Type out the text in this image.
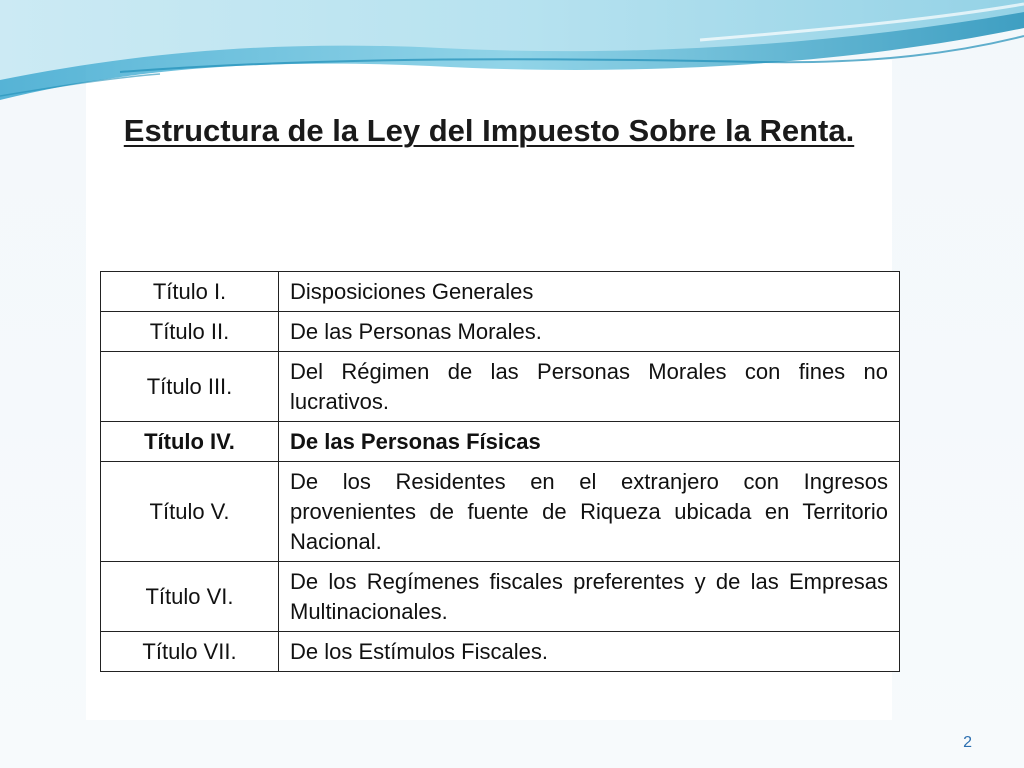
Estructura de la Ley del Impuesto Sobre la Renta.
Título I.	Disposiciones Generales
Título II.	De las Personas Morales.
Título III.	Del Régimen de las Personas Morales con fines no lucrativos.
Título IV.	De las Personas Físicas
Título V.	De los Residentes en el extranjero con Ingresos provenientes de fuente de Riqueza ubicada en Territorio Nacional.
Título VI.	De los Regímenes fiscales preferentes y de las Empresas Multinacionales.
Título VII.	De los Estímulos Fiscales.
2
